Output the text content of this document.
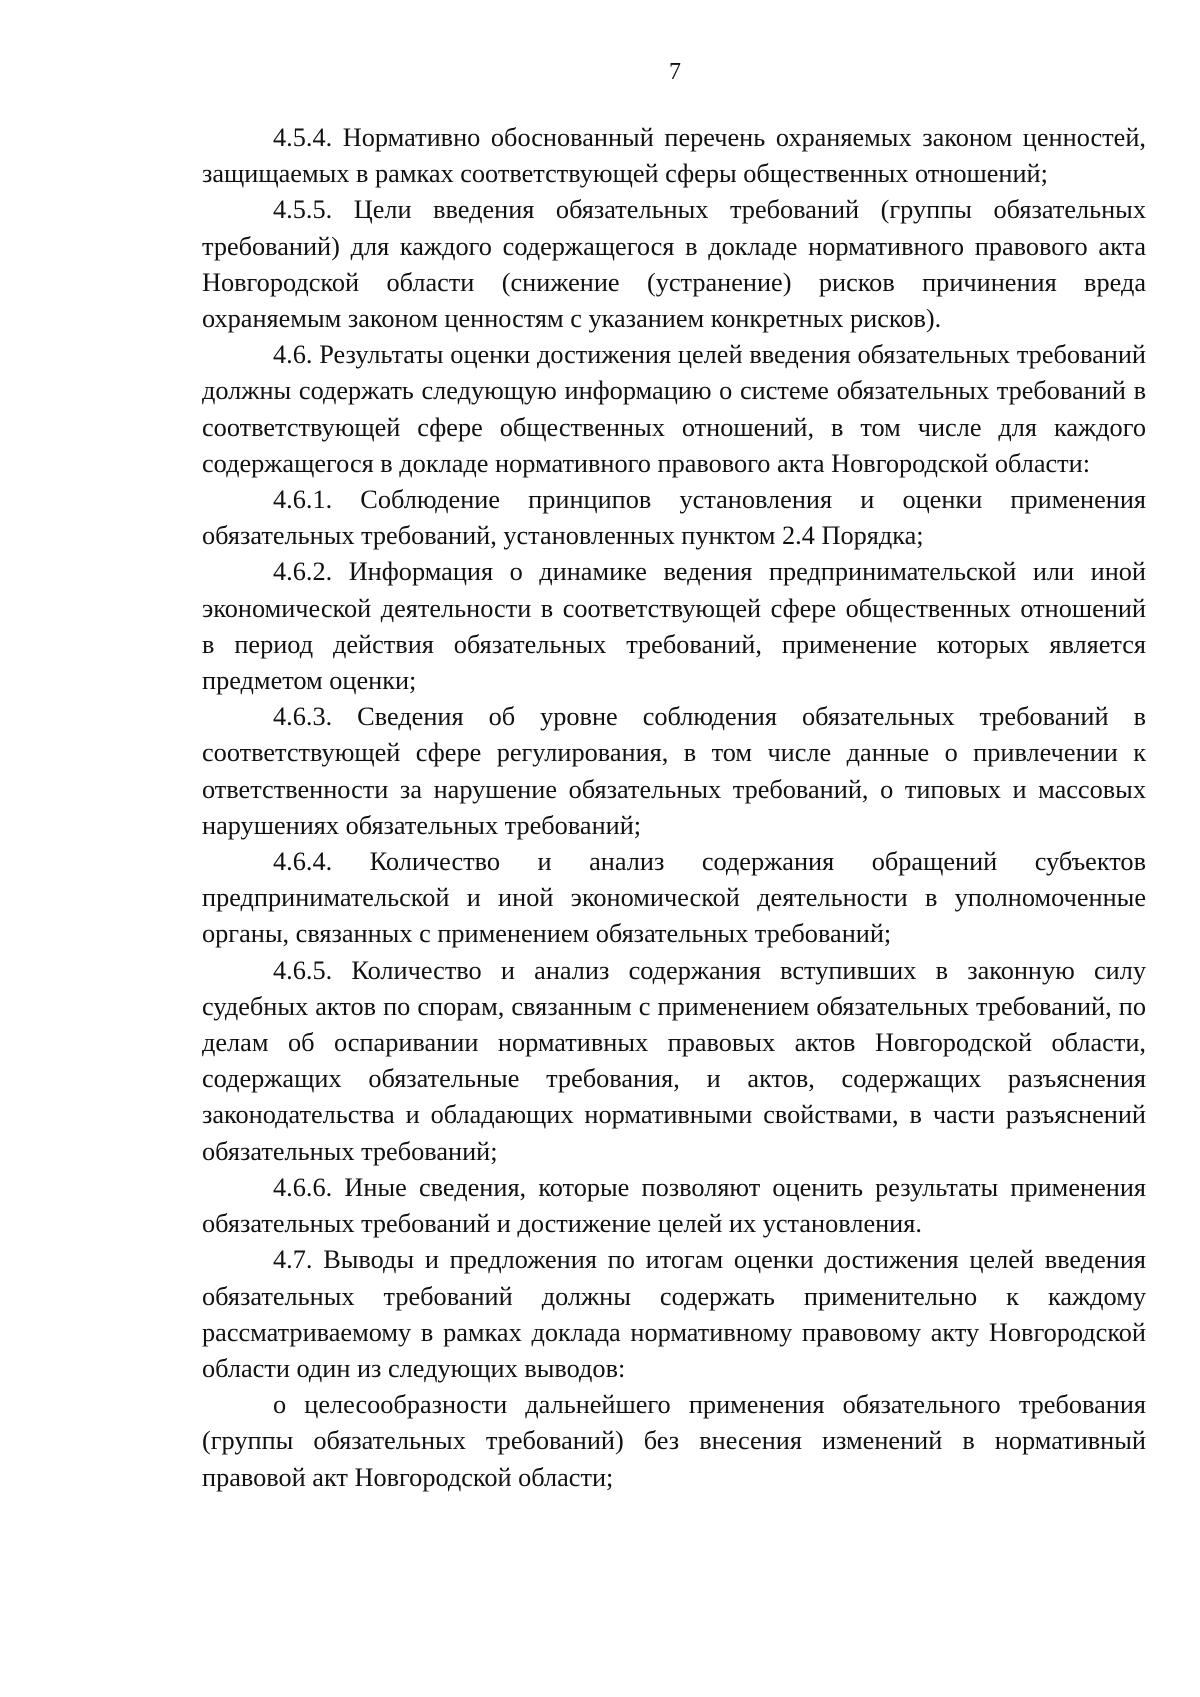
7

4.5.4. Нормативно обоснованный перечень охраняемых законом ценностей, защищаемых в рамках соответствующей сферы общественных отношений;

4.5.5. Цели введения обязательных требований (группы обязательных требований) для каждого содержащегося в докладе нормативного правового акта Новгородской области (снижение (устранение) рисков причинения вреда охраняемым законом ценностям с указанием конкретных рисков).

4.6. Результаты оценки достижения целей введения обязательных требований должны содержать следующую информацию о системе обязательных требований в соответствующей сфере общественных отношений, в том числе для каждого содержащегося в докладе нормативного правового акта Новгородской области:

4.6.1. Соблюдение принципов установления и оценки применения обязательных требований, установленных пунктом 2.4 Порядка;

4.6.2. Информация о динамике ведения предпринимательской или иной экономической деятельности в соответствующей сфере общественных отношений в период действия обязательных требований, применение которых является предметом оценки;

4.6.3. Сведения об уровне соблюдения обязательных требований в соответствующей сфере регулирования, в том числе данные о привлечении к ответственности за нарушение обязательных требований, о типовых и массовых нарушениях обязательных требований;

4.6.4. Количество и анализ содержания обращений субъектов предпринимательской и иной экономической деятельности в уполномоченные органы, связанных с применением обязательных требований;

4.6.5. Количество и анализ содержания вступивших в законную силу судебных актов по спорам, связанным с применением обязательных требований, по делам об оспаривании нормативных правовых актов Новгородской области, содержащих обязательные требования, и актов, содержащих разъяснения законодательства и обладающих нормативными свойствами, в части разъяснений обязательных требований;

4.6.6. Иные сведения, которые позволяют оценить результаты применения обязательных требований и достижение целей их установления.

4.7. Выводы и предложения по итогам оценки достижения целей введения обязательных требований должны содержать применительно к каждому рассматриваемому в рамках доклада нормативному правовому акту Новгородской области один из следующих выводов:

о целесообразности дальнейшего применения обязательного требования (группы обязательных требований) без внесения изменений в нормативный правовой акт Новгородской области;
